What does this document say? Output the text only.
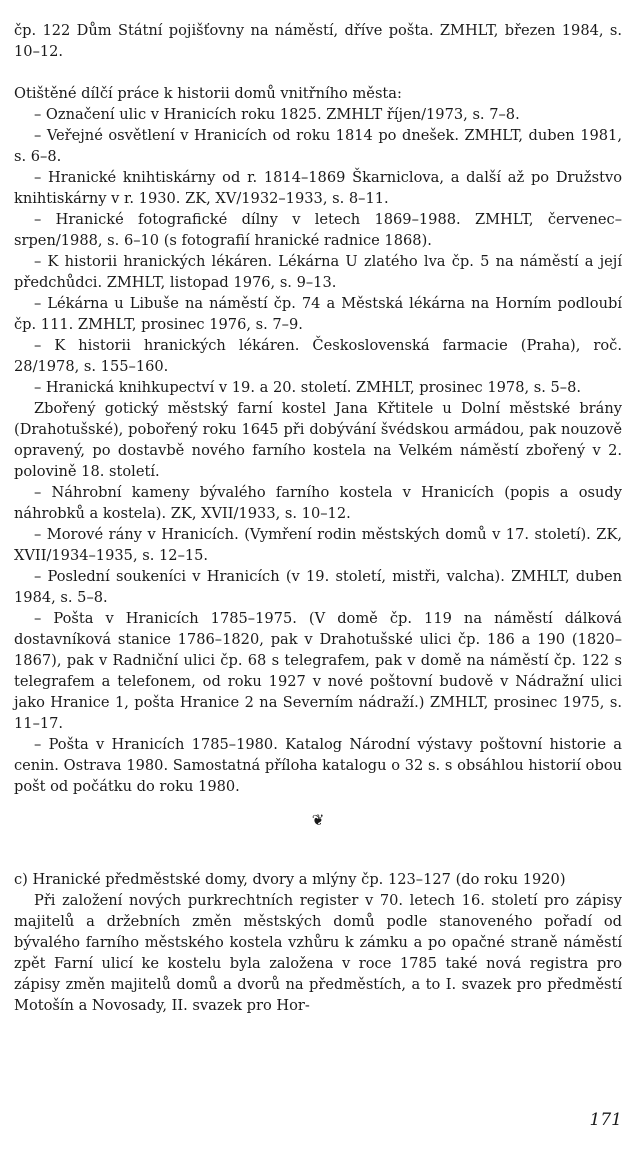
čp. 122 Dům Státní pojišťovny na náměstí, dříve pošta. ZMHLT, březen 1984, s. 10–12.

Otištěné dílčí práce k historii domů vnitřního města:

– Označení ulic v Hranicích roku 1825. ZMHLT říjen/1973, s. 7–8.

– Veřejné osvětlení v Hranicích od roku 1814 po dnešek. ZMHLT, duben 1981, s. 6–8.

– Hranické knihtiskárny od r. 1814–1869 Škarniclova, a další až po Družstvo knihtiskárny v r. 1930. ZK, XV/1932–1933, s. 8–11.

– Hranické fotografické dílny v letech 1869–1988. ZMHLT, červenec–srpen/1988, s. 6–10 (s fotografií hranické radnice 1868).

– K historii hranických lékáren. Lékárna U zlatého lva čp. 5 na náměstí a její předchůdci. ZMHLT, listopad 1976, s. 9–13.

– Lékárna u Libuše na náměstí čp. 74 a Městská lékárna na Horním podloubí čp. 111. ZMHLT, prosinec 1976, s. 7–9.

– K historii hranických lékáren. Československá farmacie (Praha), roč. 28/1978, s. 155–160.

– Hranická knihkupectví v 19. a 20. století. ZMHLT, prosinec 1978, s. 5–8.

Zbořený gotický městský farní kostel Jana Křtitele u Dolní městské brány (Drahotušské), pobořený roku 1645 při dobývání švédskou armádou, pak nouzově opravený, po dostavbě nového farního kostela na Velkém náměstí zbořený v 2. polovině 18. století.

– Náhrobní kameny bývalého farního kostela v Hranicích (popis a osudy náhrobků a kostela). ZK, XVII/1933, s. 10–12.

– Morové rány v Hranicích. (Vymření rodin městských domů v 17. století). ZK, XVII/1934–1935, s. 12–15.

– Poslední soukeníci v Hranicích (v 19. století, mistři, valcha). ZMHLT, duben 1984, s. 5–8.

– Pošta v Hranicích 1785–1975. (V domě čp. 119 na náměstí dálková dostavníková stanice 1786–1820, pak v Drahotušské ulici čp. 186 a 190 (1820–1867), pak v Radniční ulici čp. 68 s telegrafem, pak v domě na náměstí čp. 122 s telegrafem a telefonem, od roku 1927 v nové poštovní budově v Nádražní ulici jako Hranice 1, pošta Hranice 2 na Severním nádraží.) ZMHLT, prosinec 1975, s. 11–17.

– Pošta v Hranicích 1785–1980. Katalog Národní výstavy poštovní historie a cenin. Ostrava 1980. Samostatná příloha katalogu o 32 s. s obsáhlou historií obou pošt od počátku do roku 1980.

❦

c) Hranické předměstské domy, dvory a mlýny čp. 123–127 (do roku 1920)

Při založení nových purkrechtních register v 70. letech 16. století pro zápisy majitelů a držebních změn městských domů podle stanoveného pořadí od bývalého farního městského kostela vzhůru k zámku a po opačné straně náměstí zpět Farní ulicí ke kostelu byla založena v roce 1785 také nová registra pro zápisy změn majitelů domů a dvorů na předměstích, a to I. svazek pro předměstí Motošín a Novosady, II. svazek pro Hor-

171
